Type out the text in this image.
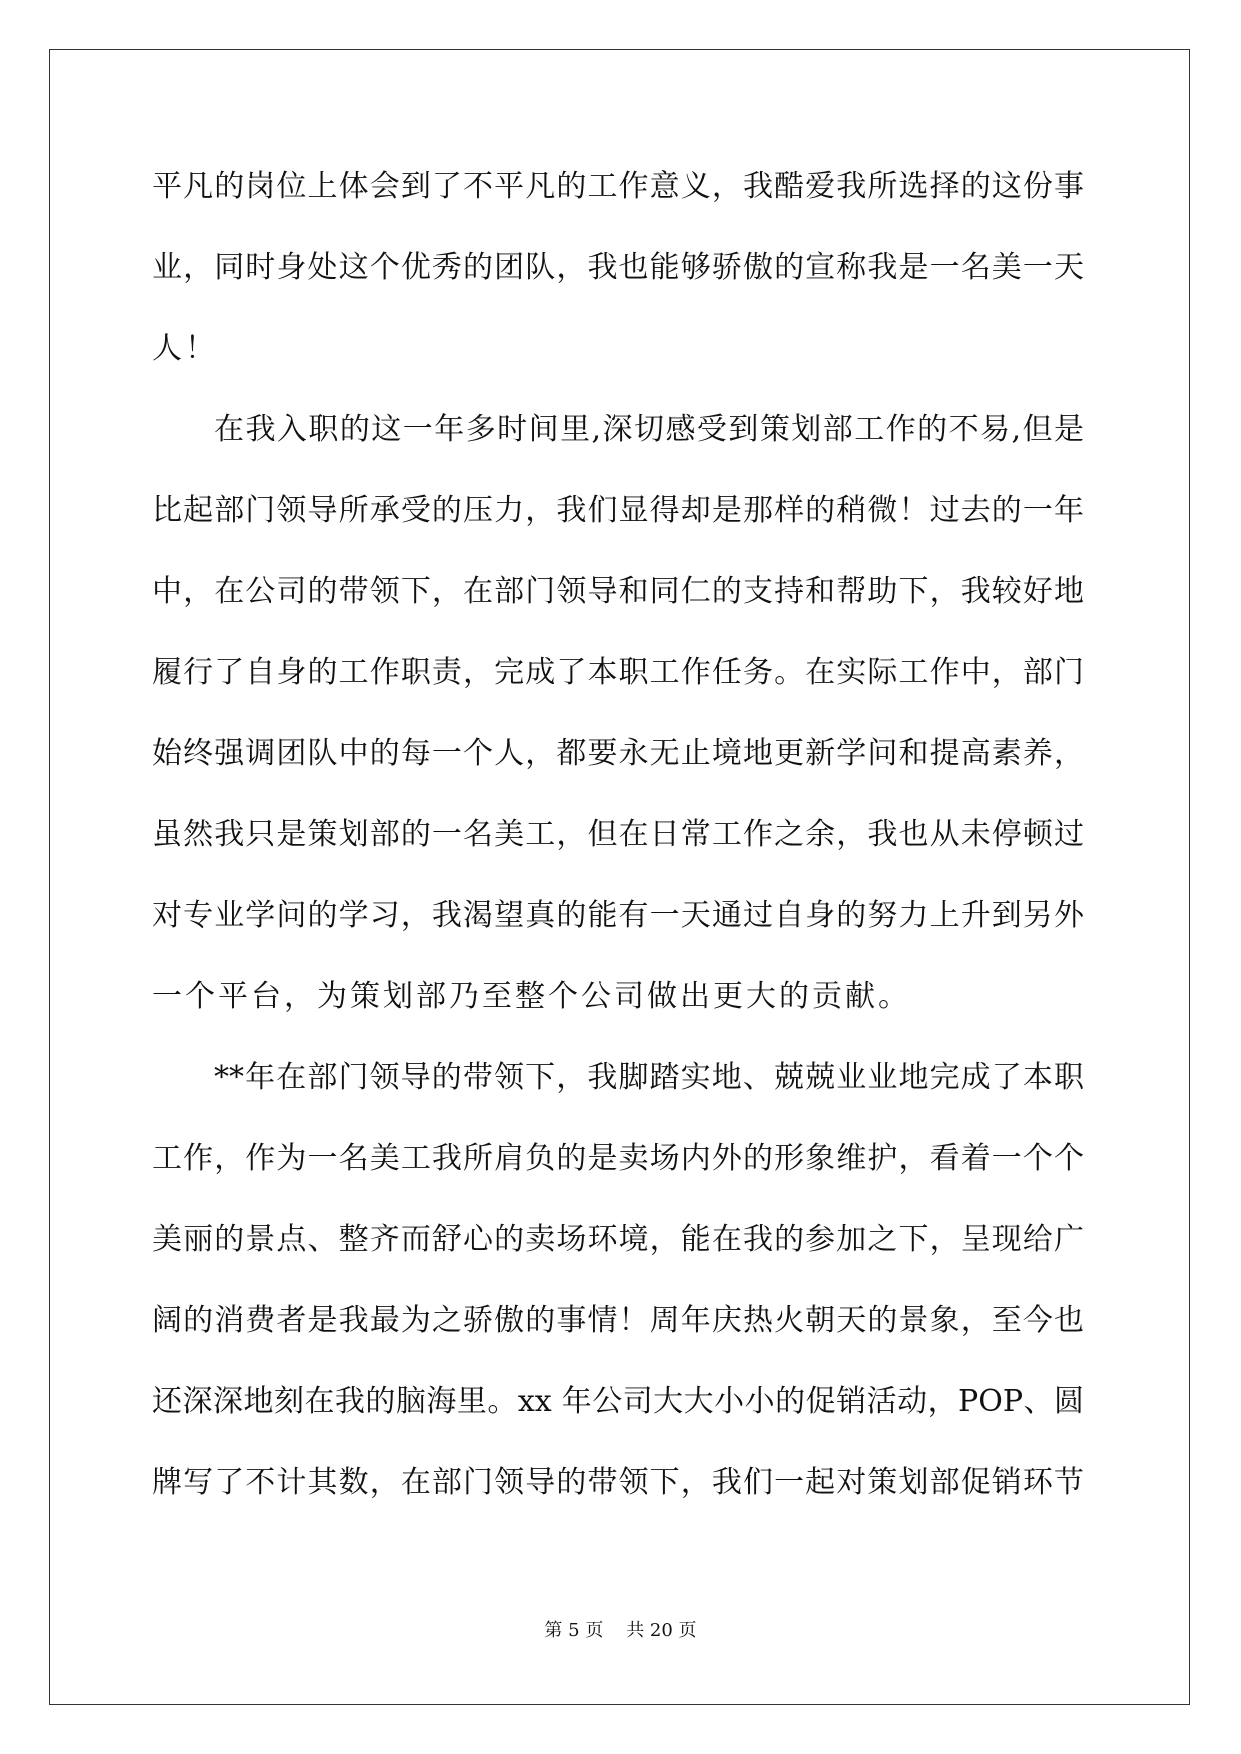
平凡的岗位上体会到了不平凡的工作意义，我酷爱我所选择的这份事
业，同时身处这个优秀的团队，我也能够骄傲的宣称我是一名美一天
人！
在我入职的这一年多时间里,深切感受到策划部工作的不易,但是
比起部门领导所承受的压力，我们显得却是那样的稍微！过去的一年
中，在公司的带领下，在部门领导和同仁的支持和帮助下，我较好地
履行了自身的工作职责，完成了本职工作任务。在实际工作中，部门
始终强调团队中的每一个人，都要永无止境地更新学问和提高素养，
虽然我只是策划部的一名美工，但在日常工作之余，我也从未停顿过
对专业学问的学习，我渴望真的能有一天通过自身的努力上升到另外
一个平台，为策划部乃至整个公司做出更大的贡献。
**年在部门领导的带领下，我脚踏实地、兢兢业业地完成了本职
工作，作为一名美工我所肩负的是卖场内外的形象维护，看着一个个
美丽的景点、整齐而舒心的卖场环境，能在我的参加之下，呈现给广
阔的消费者是我最为之骄傲的事情！周年庆热火朝天的景象，至今也
还深深地刻在我的脑海里。xx 年公司大大小小的促销活动，POP、圆
牌写了不计其数，在部门领导的带领下，我们一起对策划部促销环节
第 5 页    共 20 页
